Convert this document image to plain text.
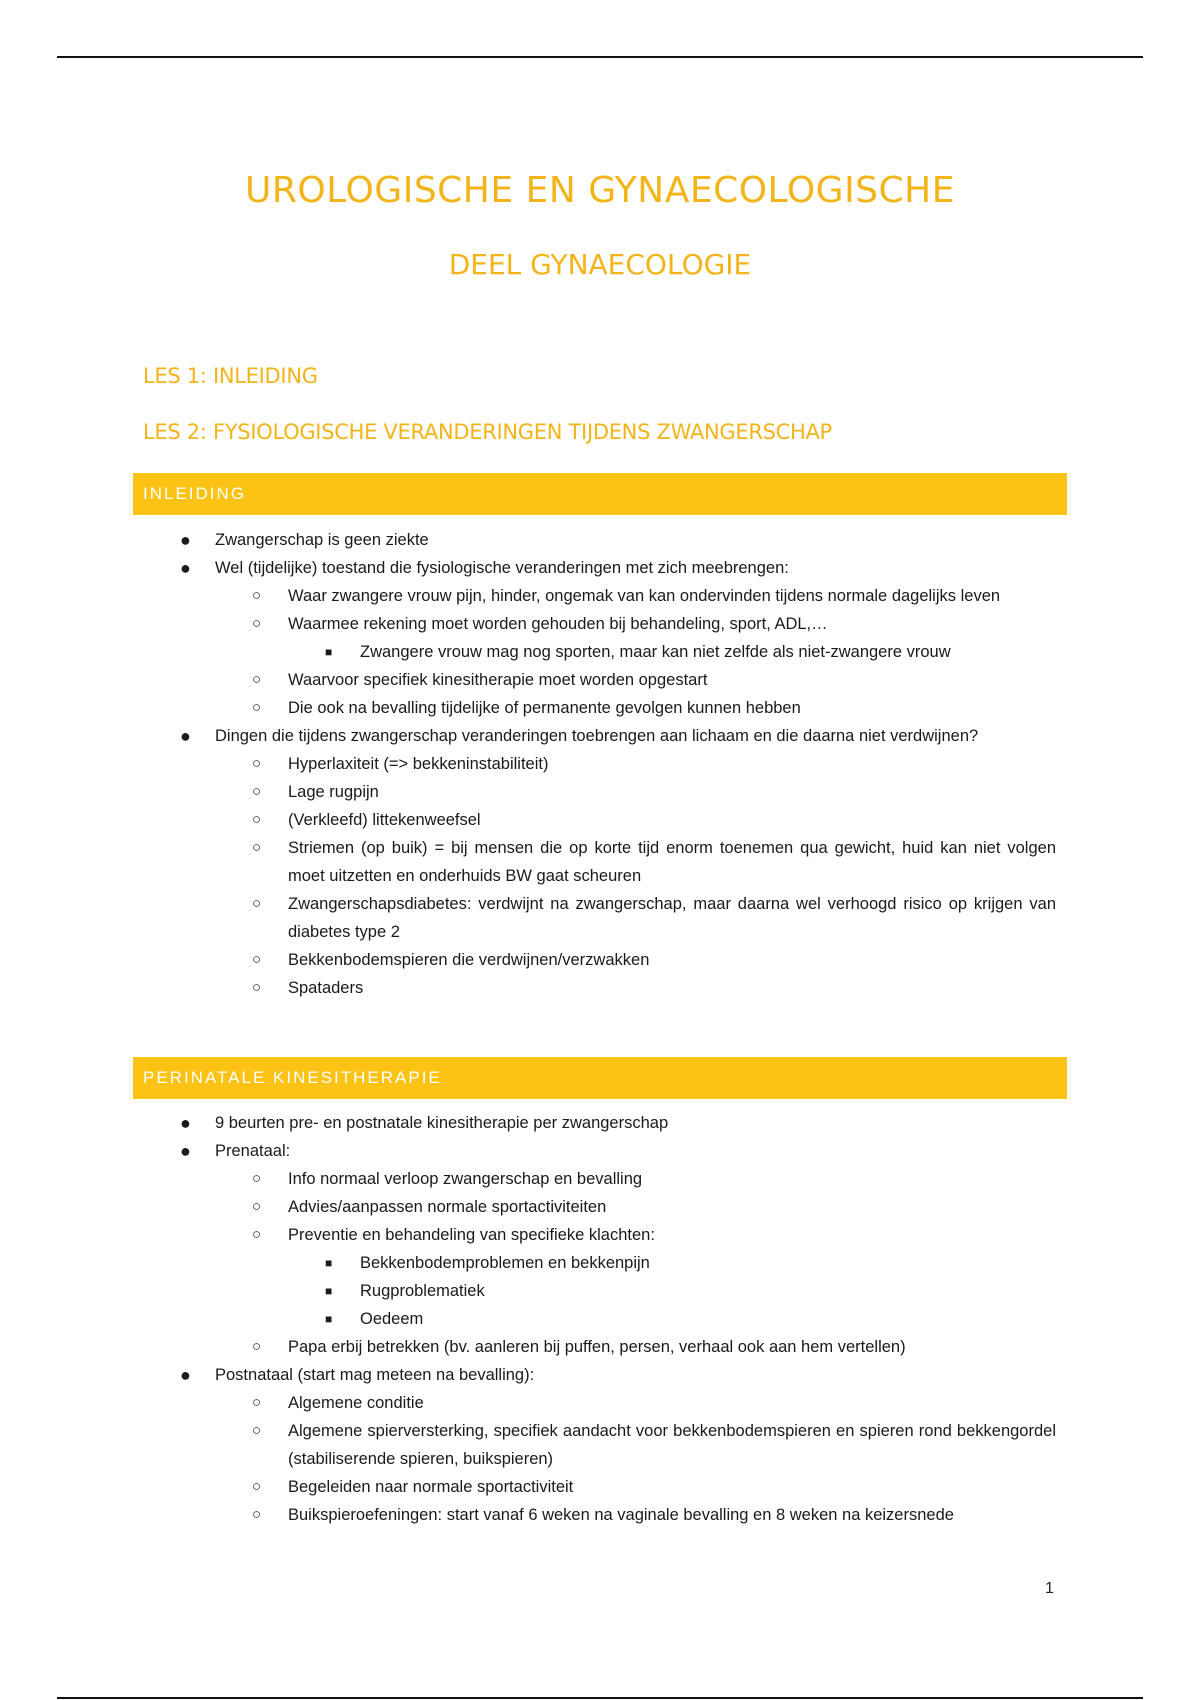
UROLOGISCHE EN GYNAECOLOGISCHE
DEEL GYNAECOLOGIE
LES 1: INLEIDING
LES 2: FYSIOLOGISCHE VERANDERINGEN TIJDENS ZWANGERSCHAP
INLEIDING
● Zwangerschap is geen ziekte
● Wel (tijdelijke) toestand die fysiologische veranderingen met zich meebrengen:
○ Waar zwangere vrouw pijn, hinder, ongemak van kan ondervinden tijdens normale dagelijks leven
○ Waarmee rekening moet worden gehouden bij behandeling, sport, ADL,…
■ Zwangere vrouw mag nog sporten, maar kan niet zelfde als niet-zwangere vrouw
○ Waarvoor specifiek kinesitherapie moet worden opgestart
○ Die ook na bevalling tijdelijke of permanente gevolgen kunnen hebben
● Dingen die tijdens zwangerschap veranderingen toebrengen aan lichaam en die daarna niet verdwijnen?
○ Hyperlaxiteit (=> bekkeninstabiliteit)
○ Lage rugpijn
○ (Verkleefd) littekenweefsel
○ Striemen (op buik) = bij mensen die op korte tijd enorm toenemen qua gewicht, huid kan niet volgen moet uitzetten en onderhuids BW gaat scheuren
○ Zwangerschapsdiabetes: verdwijnt na zwangerschap, maar daarna wel verhoogd risico op krijgen van diabetes type 2
○ Bekkenbodemspieren die verdwijnen/verzwakken
○ Spataders
PERINATALE KINESITHERAPIE
● 9 beurten pre- en postnatale kinesitherapie per zwangerschap
● Prenataal:
○ Info normaal verloop zwangerschap en bevalling
○ Advies/aanpassen normale sportactiviteiten
○ Preventie en behandeling van specifieke klachten:
■ Bekkenbodemproblemen en bekkenpijn
■ Rugproblematiek
■ Oedeem
○ Papa erbij betrekken (bv. aanleren bij puffen, persen, verhaal ook aan hem vertellen)
● Postnataal (start mag meteen na bevalling):
○ Algemene conditie
○ Algemene spierversterking, specifiek aandacht voor bekkenbodemspieren en spieren rond bekkengordel (stabiliserende spieren, buikspieren)
○ Begeleiden naar normale sportactiviteit
○ Buikspieroefeningen: start vanaf 6 weken na vaginale bevalling en 8 weken na keizersnede
1
